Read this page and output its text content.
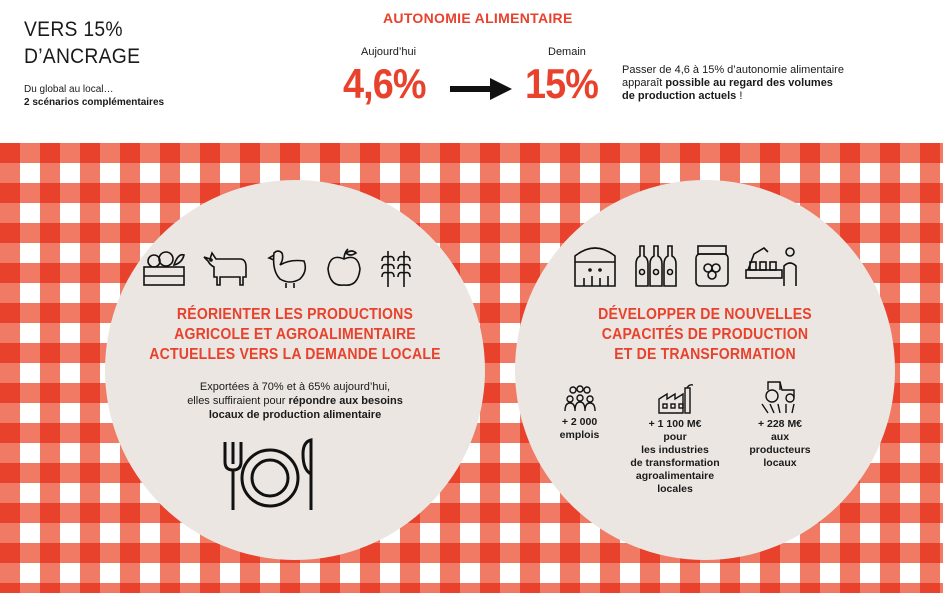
VERS 15%
D’ANCRAGE
Du global au local…
2 scénarios complémentaires
AUTONOMIE ALIMENTAIRE
Aujourd’hui	Demain
4,6% 15% Passer de 4,6 à 15% d’autonomie alimentaire
apparaît possible au regard des volumes
de production actuels !
RÉORIENTER LES PRODUCTIONS
AGRICOLE ET AGROALIMENTAIRE
ACTUELLES VERS LA DEMANDE LOCALE
Exportées à 70% et à 65% aujourd’hui,
elles suffiraient pour répondre aux besoins
locaux de production alimentaire
DÉVELOPPER DE NOUVELLES
CAPACITÉS DE PRODUCTION
ET DE TRANSFORMATION
+ 2 000
emplois
+ 1 100 M€
pour
les industries
de transformation
agroalimentaire
locales
+ 228 M€
aux
producteurs
locaux
